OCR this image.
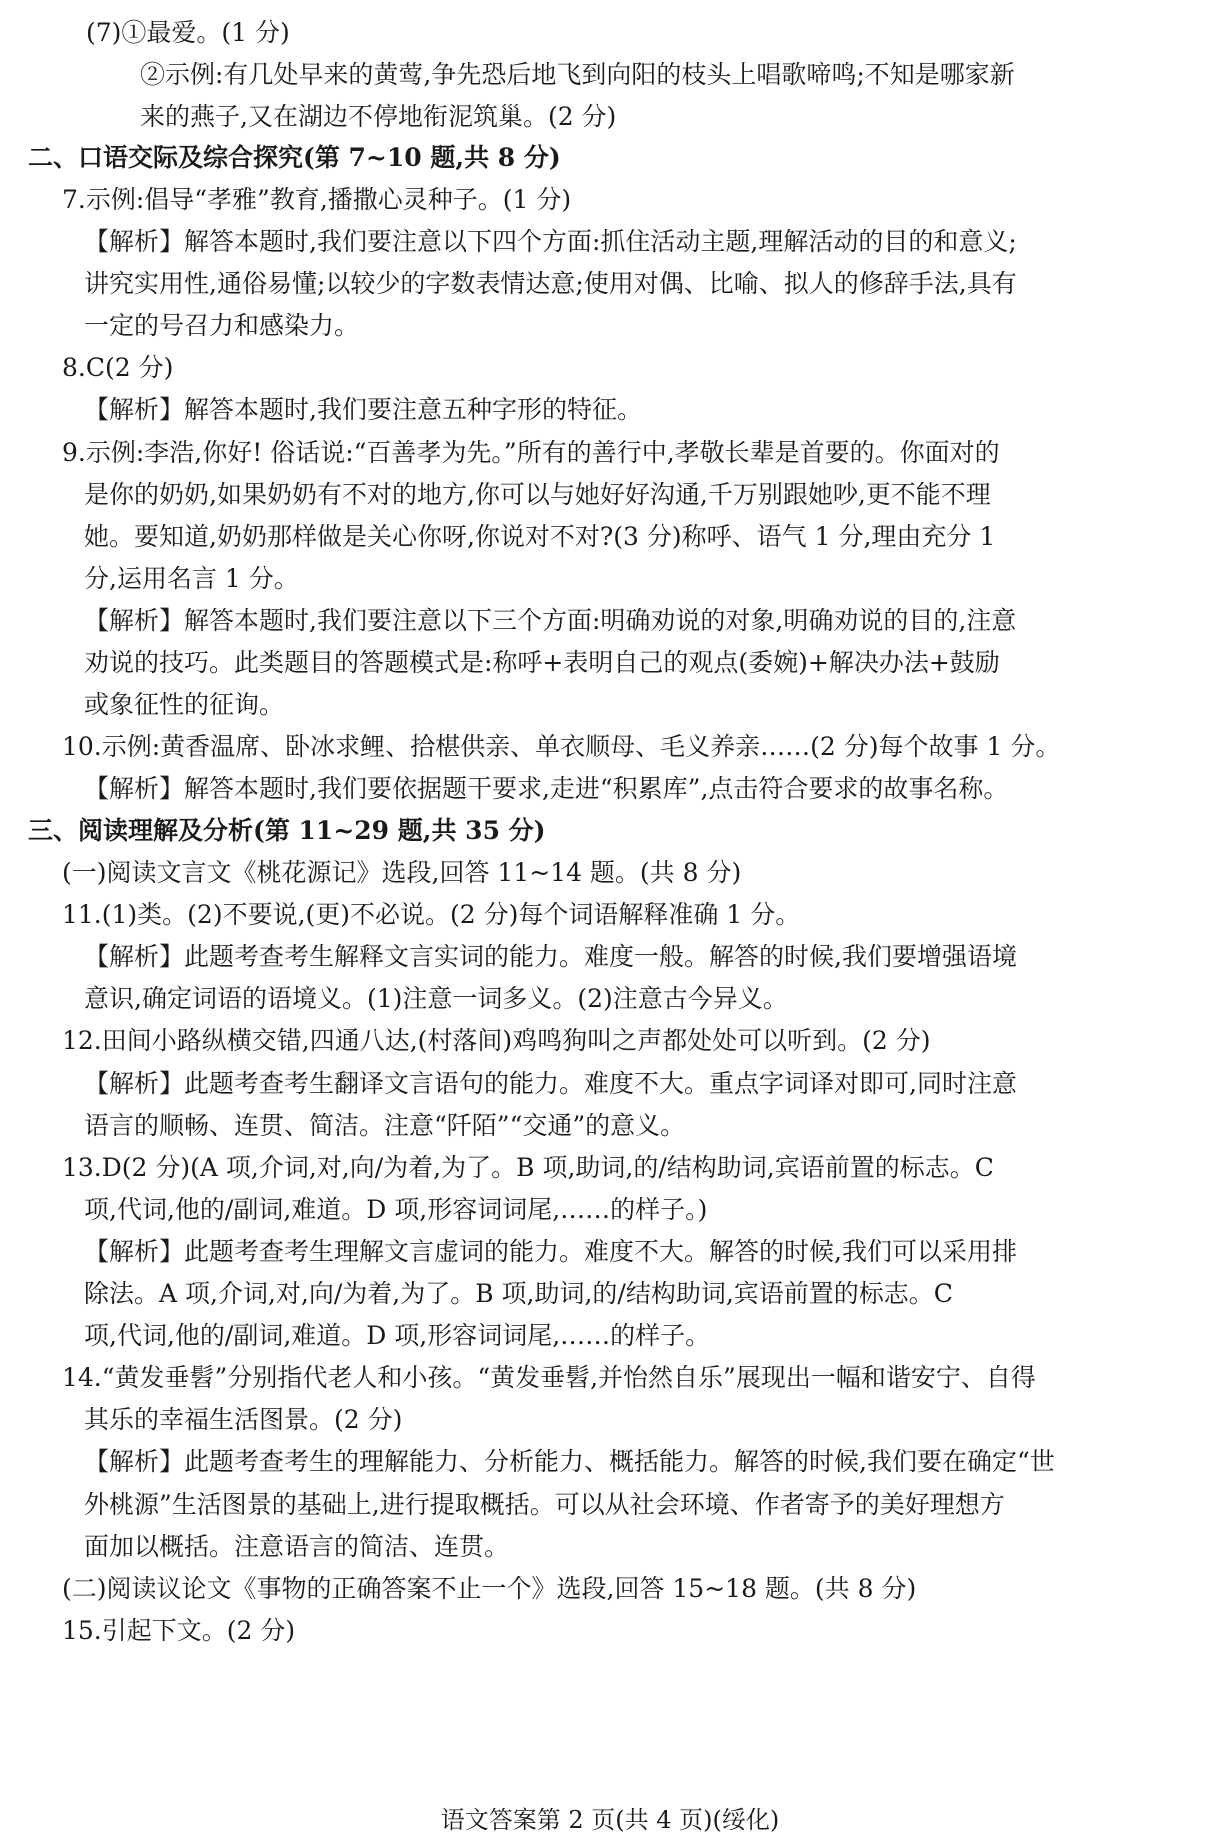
(7)①最爱。(1 分)
②示例:有几处早来的黄莺,争先恐后地飞到向阳的枝头上唱歌啼鸣;不知是哪家新
来的燕子,又在湖边不停地衔泥筑巢。(2 分)
二、口语交际及综合探究(第 7~10 题,共 8 分)
7.示例:倡导“孝雅”教育,播撒心灵种子。(1 分)
【解析】解答本题时,我们要注意以下四个方面:抓住活动主题,理解活动的目的和意义;
讲究实用性,通俗易懂;以较少的字数表情达意;使用对偶、比喻、拟人的修辞手法,具有
一定的号召力和感染力。
8.C(2 分)
【解析】解答本题时,我们要注意五种字形的特征。
9.示例:李浩,你好! 俗话说:“百善孝为先。”所有的善行中,孝敬长辈是首要的。你面对的
是你的奶奶,如果奶奶有不对的地方,你可以与她好好沟通,千万别跟她吵,更不能不理
她。要知道,奶奶那样做是关心你呀,你说对不对?(3 分)称呼、语气 1 分,理由充分 1
分,运用名言 1 分。
【解析】解答本题时,我们要注意以下三个方面:明确劝说的对象,明确劝说的目的,注意
劝说的技巧。此类题目的答题模式是:称呼+表明自己的观点(委婉)+解决办法+鼓励
或象征性的征询。
10.示例:黄香温席、卧冰求鲤、拾椹供亲、单衣顺母、毛义养亲……(2 分)每个故事 1 分。
【解析】解答本题时,我们要依据题干要求,走进“积累库”,点击符合要求的故事名称。
三、阅读理解及分析(第 11~29 题,共 35 分)
(一)阅读文言文《桃花源记》选段,回答 11~14 题。(共 8 分)
11.(1)类。(2)不要说,(更)不必说。(2 分)每个词语解释准确 1 分。
【解析】此题考查考生解释文言实词的能力。难度一般。解答的时候,我们要增强语境
意识,确定词语的语境义。(1)注意一词多义。(2)注意古今异义。
12.田间小路纵横交错,四通八达,(村落间)鸡鸣狗叫之声都处处可以听到。(2 分)
【解析】此题考查考生翻译文言语句的能力。难度不大。重点字词译对即可,同时注意
语言的顺畅、连贯、简洁。注意“阡陌”“交通”的意义。
13.D(2 分)(A 项,介词,对,向/为着,为了。B 项,助词,的/结构助词,宾语前置的标志。C
项,代词,他的/副词,难道。D 项,形容词词尾,……的样子。)
【解析】此题考查考生理解文言虚词的能力。难度不大。解答的时候,我们可以采用排
除法。A 项,介词,对,向/为着,为了。B 项,助词,的/结构助词,宾语前置的标志。C
项,代词,他的/副词,难道。D 项,形容词词尾,……的样子。
14.“黄发垂髫”分别指代老人和小孩。“黄发垂髫,并怡然自乐”展现出一幅和谐安宁、自得
其乐的幸福生活图景。(2 分)
【解析】此题考查考生的理解能力、分析能力、概括能力。解答的时候,我们要在确定“世
外桃源”生活图景的基础上,进行提取概括。可以从社会环境、作者寄予的美好理想方
面加以概括。注意语言的简洁、连贯。
(二)阅读议论文《事物的正确答案不止一个》选段,回答 15~18 题。(共 8 分)
15.引起下文。(2 分)
语文答案第 2 页(共 4 页)(绥化)
